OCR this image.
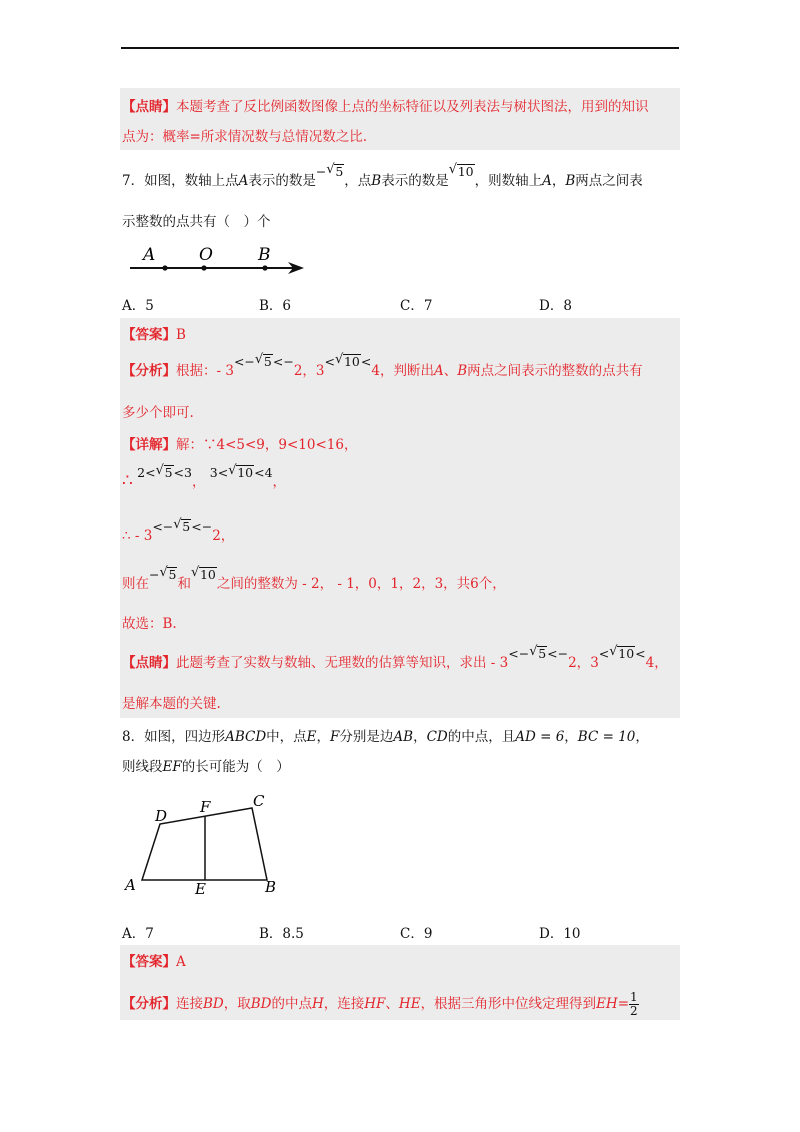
【点睛】本题考查了反比例函数图像上点的坐标特征以及列表法与树状图法，用到的知识
点为：概率=所求情况数与总情况数之比.
7．如图，数轴上点A表示的数是− √ 5，点B表示的数是
√ 10，则数轴上A，B两点之间表
示整数的点共有（　）个
A	O	B
A．5	B．6	C．7	D．8
【答案】B
【分析】根据：- 3<− √ 5<−2，3< √ 10<4，判断出A、B两点之间表示的整数的点共有
多少个即可.
【详解】解：∵4<5<9，9<10<16，
∴ 2< √ 5<3， 3< √ 10<4，
∴ - 3<− √ 5<−2，
则在− √ 5和
√ 10之间的整数为 - 2， - 1，0，1，2，3，共6个，
故选：B.
【点睛】此题考查了实数与数轴、无理数的估算等知识，求出 - 3<− √ 5<−2，3< √ 10<4，
是解本题的关键.
8．如图，四边形ABCD中，点E，F分别是边AB，CD的中点，且AD = 6，BC = 10，
则线段EF的长可能为（　）
A	B
C
D
E
F
A．7	B．8.5	C．9	D．10
【答案】A
【分析】连接BD，取BD的中点H，连接HF、HE，根据三角形中位线定理得到$EH= \frac{1}{2}$
